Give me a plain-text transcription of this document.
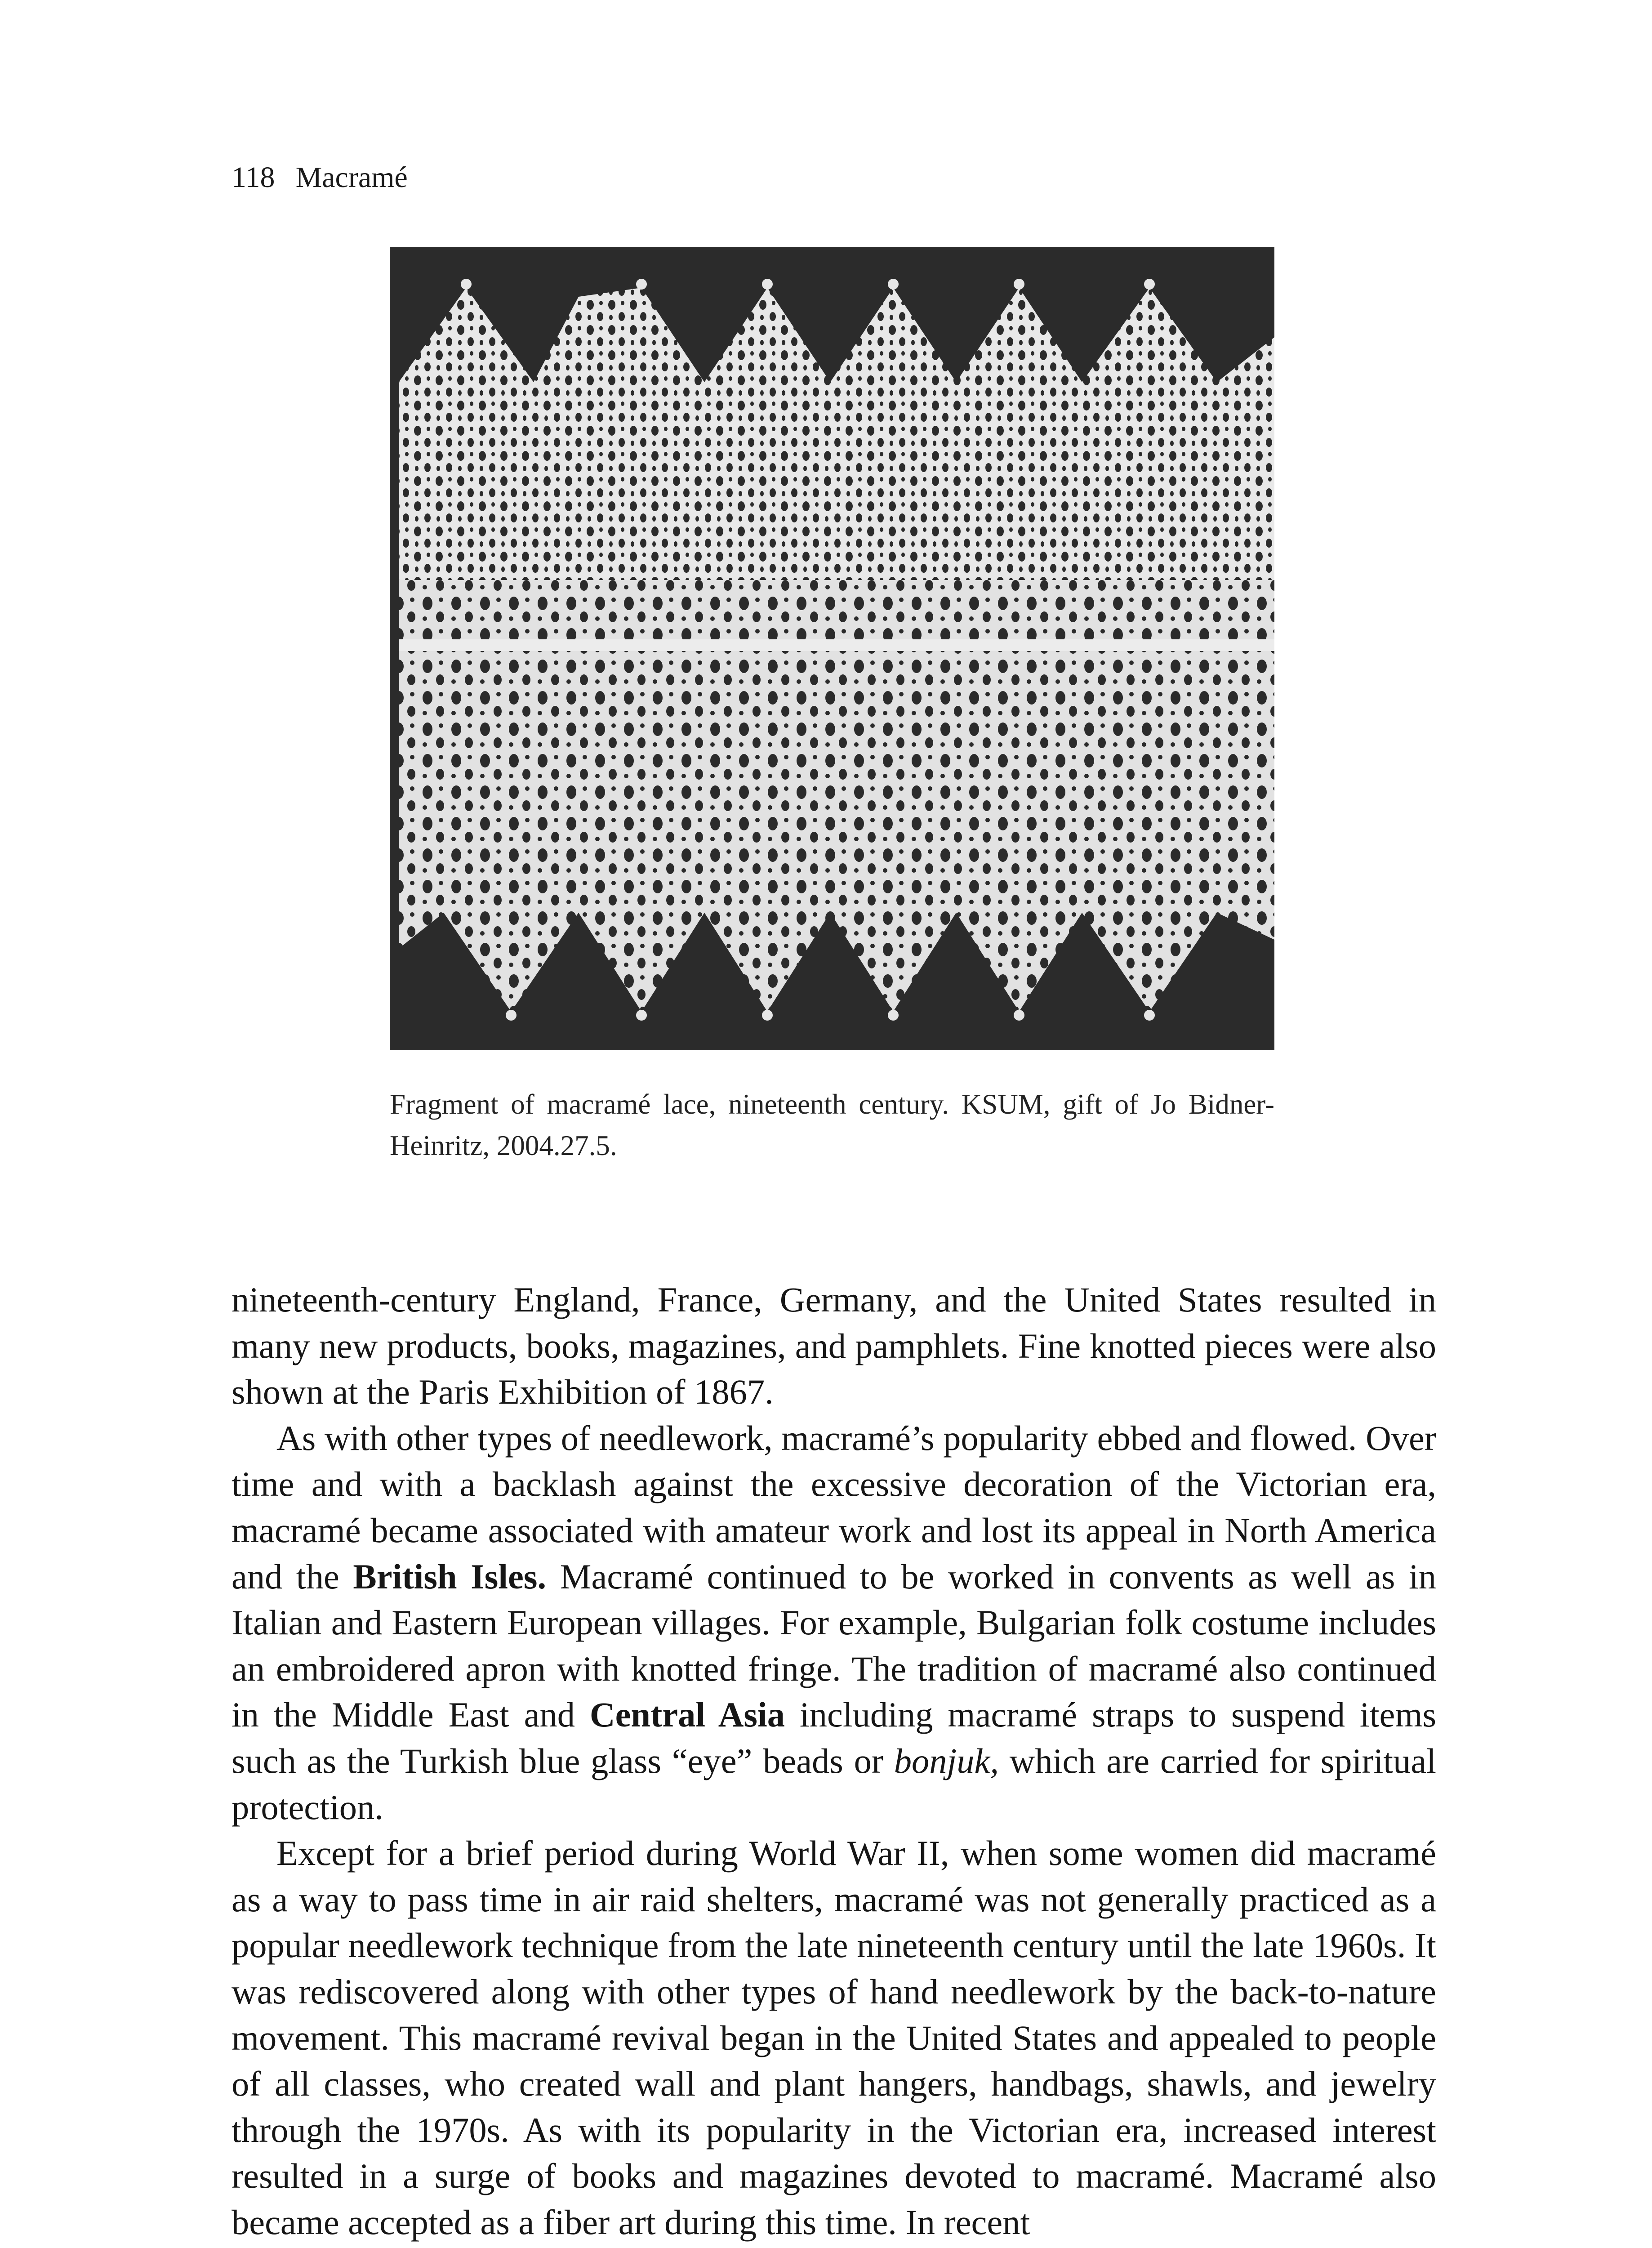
118 Macramé
Fragment of macramé lace, nineteenth century. KSUM, gift of Jo Bidner-Heinritz, 2004.27.5.

nineteenth-century England, France, Germany, and the United States resulted in many new products, books, magazines, and pamphlets. Fine knotted pieces were also shown at the Paris Exhibition of 1867.

As with other types of needlework, macramé’s popularity ebbed and flowed. Over time and with a backlash against the excessive decoration of the Victorian era, macramé became associated with amateur work and lost its appeal in North America and the British Isles. Macramé continued to be worked in convents as well as in Italian and Eastern European villages. For example, Bulgarian folk costume includes an embroidered apron with knotted fringe. The tradition of macramé also continued in the Middle East and Central Asia including macramé straps to suspend items such as the Turkish blue glass “eye” beads or bonjuk, which are carried for spiritual protection.

Except for a brief period during World War II, when some women did macramé as a way to pass time in air raid shelters, macramé was not generally practiced as a popular needlework technique from the late nineteenth century until the late 1960s. It was rediscovered along with other types of hand needlework by the back-to-nature movement. This macramé revival began in the United States and appealed to people of all classes, who created wall and plant hangers, handbags, shawls, and jewelry through the 1970s. As with its popularity in the Victorian era, increased interest resulted in a surge of books and magazines devoted to macramé. Macramé also became accepted as a fiber art during this time. In recent
